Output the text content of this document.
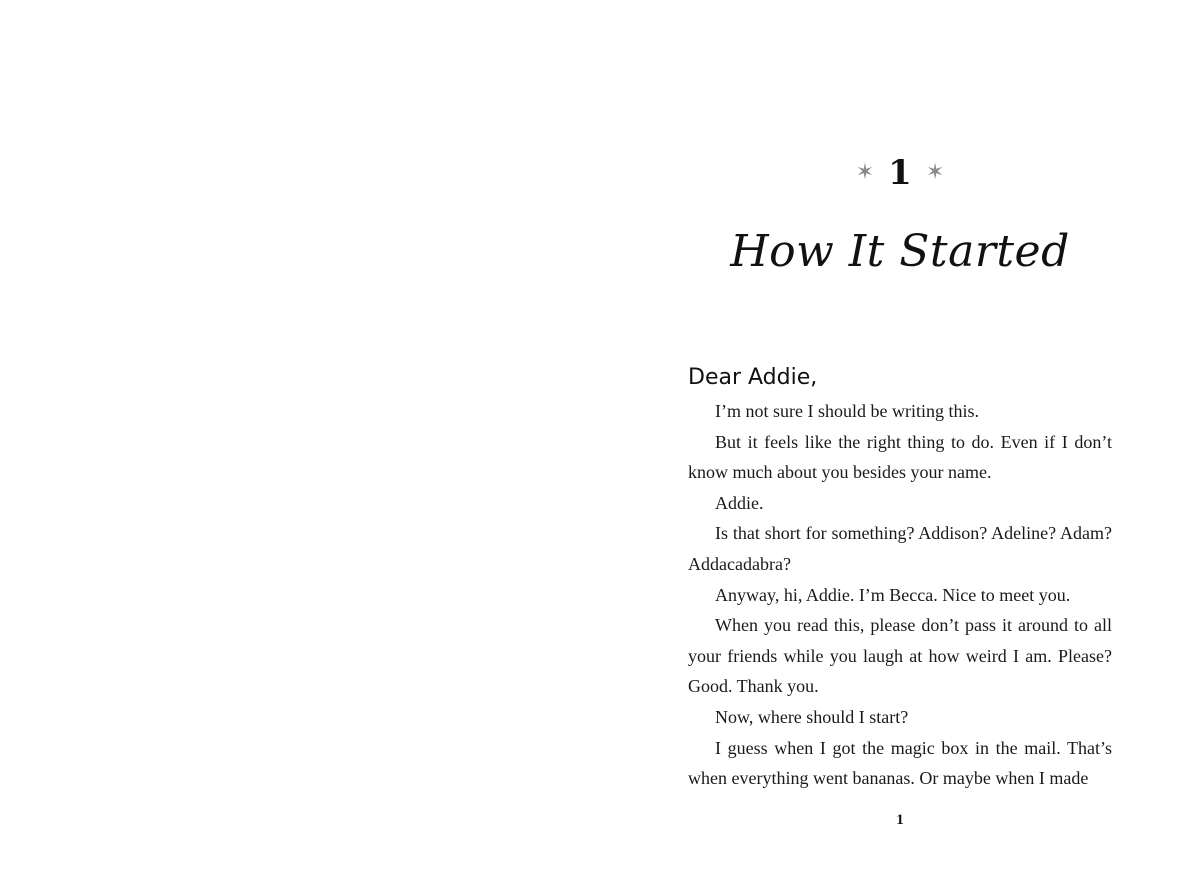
✶ 1 ✶
How It Started
Dear Addie,

I’m not sure I should be writing this.

But it feels like the right thing to do. Even if I don’t know much about you besides your name.

Addie.

Is that short for something? Addison? Adeline? Adam? Addacadabra?

Anyway, hi, Addie. I’m Becca. Nice to meet you.

When you read this, please don’t pass it around to all your friends while you laugh at how weird I am. Please? Good. Thank you.

Now, where should I start?

I guess when I got the magic box in the mail. That’s when everything went bananas. Or maybe when I made

1
